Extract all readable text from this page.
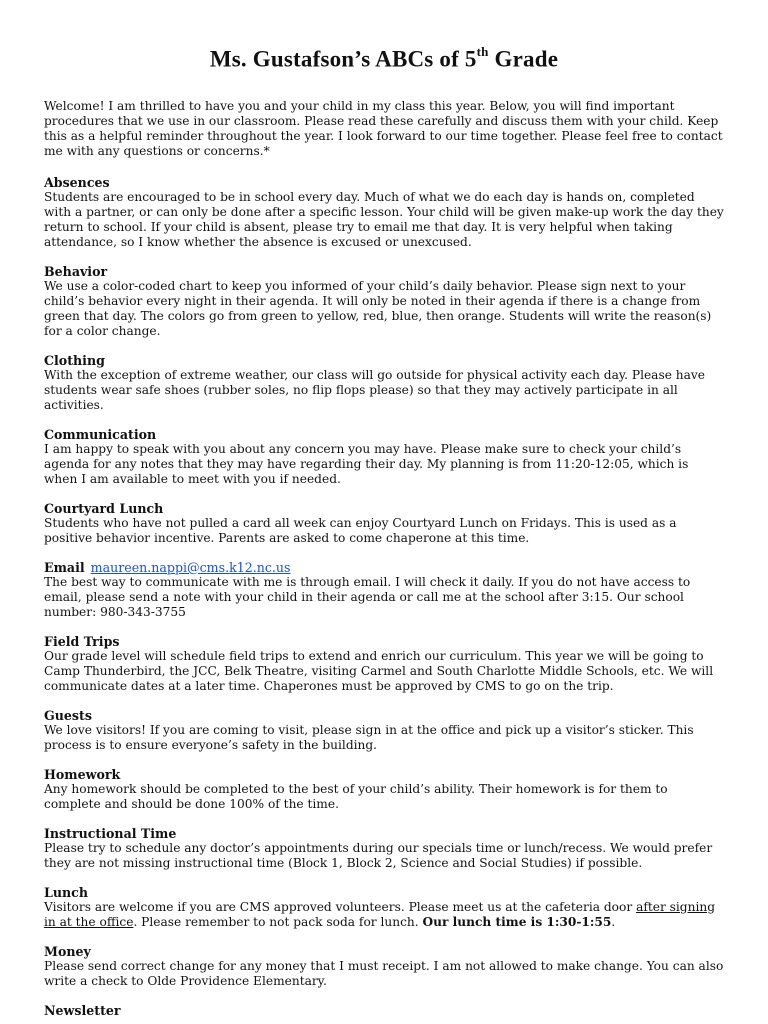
Ms. Gustafson’s ABCs of 5th Grade

Welcome! I am thrilled to have you and your child in my class this year. Below, you will find important procedures that we use in our classroom. Please read these carefully and discuss them with your child. Keep this as a helpful reminder throughout the year. I look forward to our time together. Please feel free to contact me with any questions or concerns.*

Absences

Students are encouraged to be in school every day. Much of what we do each day is hands on, completed with a partner, or can only be done after a specific lesson. Your child will be given make-up work the day they return to school. If your child is absent, please try to email me that day. It is very helpful when taking attendance, so I know whether the absence is excused or unexcused.

Behavior

We use a color-coded chart to keep you informed of your child’s daily behavior. Please sign next to your child’s behavior every night in their agenda. It will only be noted in their agenda if there is a change from green that day. The colors go from green to yellow, red, blue, then orange. Students will write the reason(s) for a color change.

Clothing

With the exception of extreme weather, our class will go outside for physical activity each day. Please have students wear safe shoes (rubber soles, no flip flops please) so that they may actively participate in all activities.

Communication

I am happy to speak with you about any concern you may have. Please make sure to check your child’s agenda for any notes that they may have regarding their day. My planning is from 11:20-12:05, which is when I am available to meet with you if needed.

Courtyard Lunch

Students who have not pulled a card all week can enjoy Courtyard Lunch on Fridays. This is used as a positive behavior incentive. Parents are asked to come chaperone at this time.

Email maureen.nappi@cms.k12.nc.us

The best way to communicate with me is through email. I will check it daily. If you do not have access to email, please send a note with your child in their agenda or call me at the school after 3:15. Our school number: 980-343-3755

Field Trips

Our grade level will schedule field trips to extend and enrich our curriculum. This year we will be going to Camp Thunderbird, the JCC, Belk Theatre, visiting Carmel and South Charlotte Middle Schools, etc. We will communicate dates at a later time. Chaperones must be approved by CMS to go on the trip.

Guests

We love visitors! If you are coming to visit, please sign in at the office and pick up a visitor’s sticker. This process is to ensure everyone’s safety in the building.

Homework

Any homework should be completed to the best of your child’s ability. Their homework is for them to complete and should be done 100% of the time.

Instructional Time

Please try to schedule any doctor’s appointments during our specials time or lunch/recess. We would prefer they are not missing instructional time (Block 1, Block 2, Science and Social Studies) if possible.

Lunch

Visitors are welcome if you are CMS approved volunteers. Please meet us at the cafeteria door after signing in at the office. Please remember to not pack soda for lunch. Our lunch time is 1:30-1:55.

Money

Please send correct change for any money that I must receipt. I am not allowed to make change. You can also write a check to Olde Providence Elementary.

Newsletter
